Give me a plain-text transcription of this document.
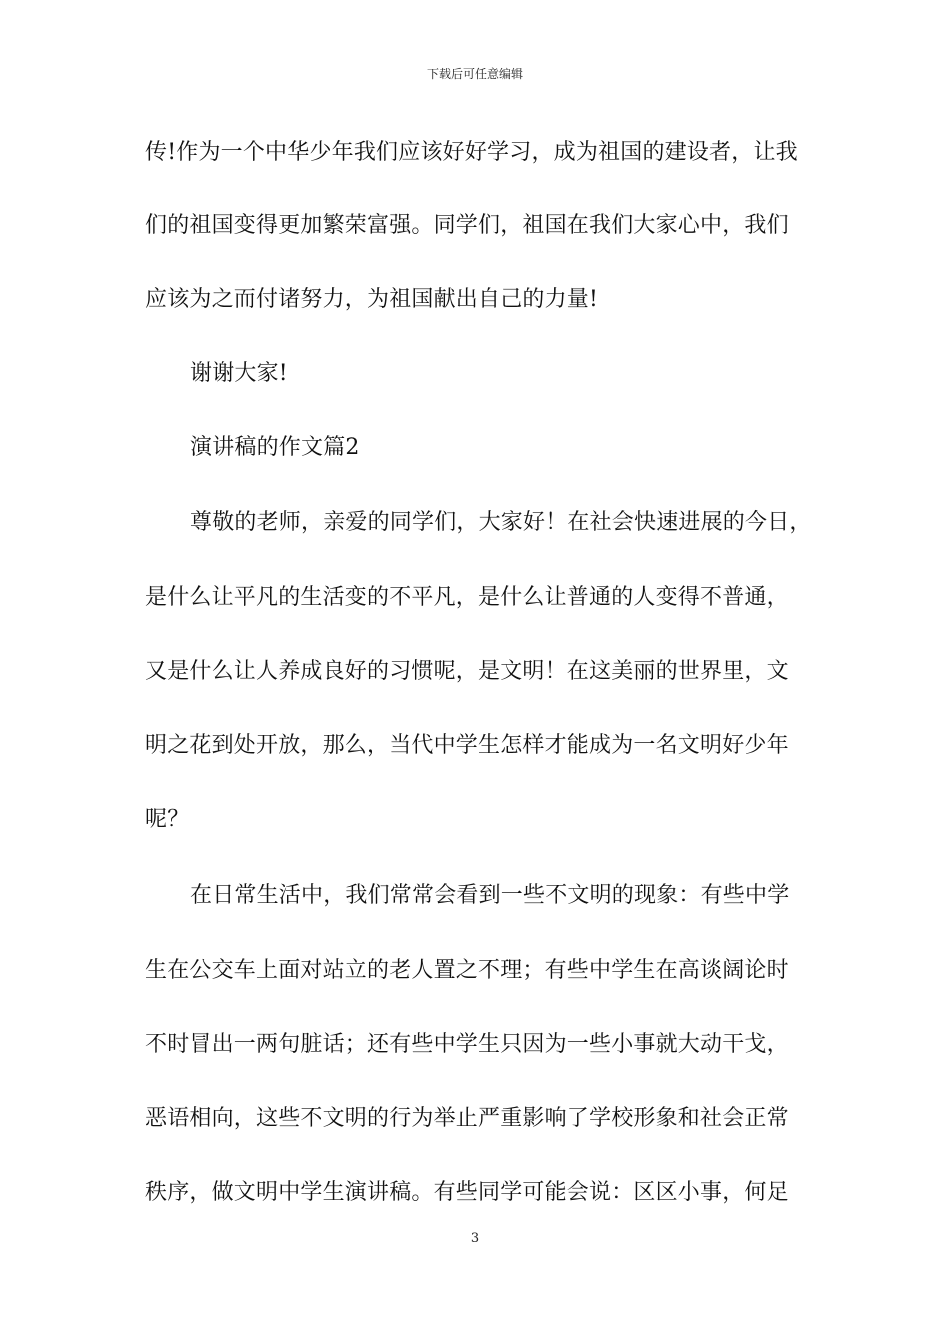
下载后可任意编辑
传!作为一个中华少年我们应该好好学习，成为祖国的建设者，让我
们的祖国变得更加繁荣富强。同学们，祖国在我们大家心中，我们
应该为之而付诸努力，为祖国献出自己的力量!
谢谢大家!
演讲稿的作文篇2
尊敬的老师，亲爱的同学们，大家好！在社会快速进展的今日，
是什么让平凡的生活变的不平凡，是什么让普通的人变得不普通，
又是什么让人养成良好的习惯呢，是文明！在这美丽的世界里，文
明之花到处开放，那么，当代中学生怎样才能成为一名文明好少年
呢？
在日常生活中，我们常常会看到一些不文明的现象：有些中学
生在公交车上面对站立的老人置之不理；有些中学生在高谈阔论时
不时冒出一两句脏话；还有些中学生只因为一些小事就大动干戈，
恶语相向，这些不文明的行为举止严重影响了学校形象和社会正常
秩序，做文明中学生演讲稿。有些同学可能会说：区区小事，何足
3
